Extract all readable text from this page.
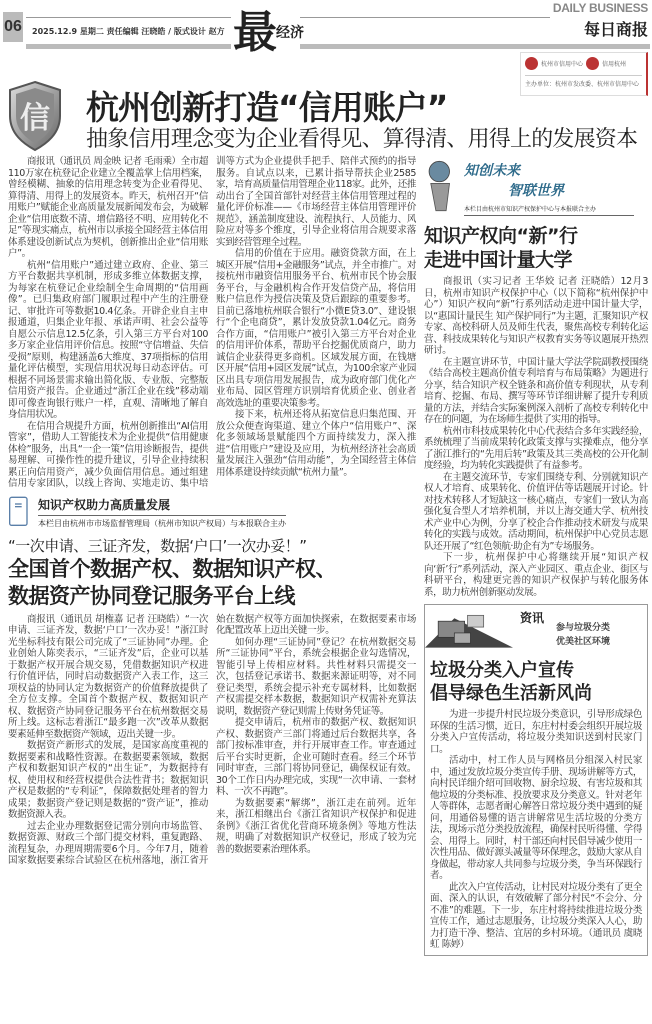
06 2025.12.9 星期二 责任编辑 汪晓皓 / 版式设计 赵方 最 经济
DAILY BUSINESS
每日商报
杭州市信用中心	信用杭州
主办单位：杭州市发改委、杭州市信用中心
信 杭州创新打造“信用账户”
抽象信用理念变为企业看得见、算得清、用得上的发展资本

商报讯（通讯员 周金映 记者 毛雨乘）全市超110万家在杭登记企业建立全覆盖掌上信用档案，曾经模糊、抽象的信用理念转变为企业看得见、算得清、用得上的发展资本。昨天，杭州召开“信用账户”赋能企业高质量发展新闻发布会，为破解企业“信用底数不清、增信路径不明、应用转化不足”等现实痛点，杭州市以承接全国经营主体信用体系建设创新试点为契机，创新推出企业“信用账户”。

杭州“信用账户”通过建立政府、企业、第三方平台数据共享机制，形成多维立体数据支撑，为每家在杭登记企业绘制全生命周期的“信用画像”。已归集政府部门履职过程中产生的注册登记、审批许可等数据10.4亿条。开辟企业自主申报通道，归集企业年报、承诺声明、社会公益等自愿公示信息12.5亿条，引入第三方平台对100多万家企业信用评价信息。按照“守信增益、失信受损”原则，构建涵盖6大维度、37项指标的信用量化评估模型，实现信用状况每日动态评估。可根据不同场景需求输出简化版、专业版、完整版信用资产报告。企业通过“浙江企业在线”移动端即可像查询银行账户一样，直观、清晰地了解自身信用状况。

在信用合规提升方面，杭州创新推出“AI信用管家”，借助人工智能技术为企业提供“信用健康体检”服务，出具“一企一策”信用诊断报告，提供易理解、可操作性的提升建议，引导企业持续积累正向信用资产，减少负面信用信息。通过组建信用专家团队，以线上咨询、实地走访、集中培训等方式为企业提供手把手、陪伴式预约的指导服务。自试点以来，已累计指导帮扶企业2585家，培育高质量信用管理企业118家。此外，还推动出台了全国首部针对经营主体信用管理过程的量化评价标准——《市场经营主体信用管理评价规范》，涵盖制度建设、流程执行、人员能力、风险应对等多个维度，引导企业将信用合规要求落实到经营管理全过程。

信用的价值在于应用。融资贷款方面，在上城区开展“信用+金融服务”试点，并全市推广。对接杭州市融资信用服务平台、杭州市民个协会服务平台，与金融机构合作开发信贷产品，将信用账户信息作为授信决策及贷后跟踪的重要参考。目前已落地杭州联合银行“小微E贷3.0”、建设银行“个企电商贷”，累计发放贷款1.04亿元。商务合作方面，“信用账户”被引入第三方平台对企业的信用评价体系，帮助平台挖掘优质商户，助力诚信企业获得更多商机。区域发展方面，在钱塘区开展“信用+园区发展”试点，为100余家产业园区出具专项信用发展报告，成为政府部门优化产业布局、园区管理方识别培育优质企业、创业者高效选址的重要决策参考。

接下来，杭州还将从拓宽信息归集范围、开放公众便查询渠道、建立个体户“信用账户”、深化多领域场景赋能四个方面持续发力，深入推进“信用账户”建设及应用，为杭州经济社会高质量发展注入强劲“信用动能”，为全国经营主体信用体系建设持续贡献“杭州力量”。

知识产权助力高质量发展
本栏目由杭州市市场监督管理局（杭州市知识产权局）与本报联合主办
“一次申请、三证齐发，数据‘户口’一次办妥！”
全国首个数据产权、数据知识产权、
数据资产协同登记服务平台上线

商报讯（通讯员 胡権嘉 记者 汪晓皓）“一次申请、三证齐发，数据‘户口’一次办妥！”浙江时光坐标科技有限公司完成了“三证协同”办理。企业创始人陈奕表示，“三证齐发”后，企业可以基于数据产权开展合规交易，凭借数据知识产权进行价值评估，同时启动数据资产入表工作，这三项权益的协同认定为数据资产的价值释放提供了全方位支撑。全国首个数据产权、数据知识产权、数据资产协同登记服务平台在杭州数据交易所上线。这标志着浙江“最多跑一次”改革从数据要素延伸至数据资产领域，迈出关键一步。

数据资产新形式的发展，是国家高度重视的数据要素和战略性资源。在数据要素领域，数据产权和数据知识产权的“出生证”，为数据持有权、使用权和经营权提供合法性背书；数据知识产权是数据的“专利证”，保障数据处理者的智力成果；数据资产登记则是数据的“资产证”，推动数据资源入表。

过去企业办理数据登记需分别向市场监管、数据资源、财政三个部门提交材料，重复跑路、流程复杂，办理周期需要6个月。今年7月，随着国家数据要素综合试验区在杭州落地，浙江省开始在数据产权等方面加快探索，在数据要素市场化配置改革上迈出关键一步。

如何办理“三证协同”登记？在杭州数据交易所“三证协同”平台，系统会根据企业勾选情况，智能引导上传相应材料。共性材料只需提交一次，包括登记承诺书、数据来源证明等，对不同登记类型，系统会提示补充专属材料，比如数据产权需提交样本数据，数据知识产权需补充算法说明，数据资产登记则需上传财务凭证等。

提交申请后，杭州市的数据产权、数据知识产权、数据资产三部门将通过后台数据共享，各部门按标准审查，并行开展审查工作。审查通过后平台实时更新，企业可随时查看。经三个环节同时审查，三部门将协同登记，确保权证有效。30个工作日内办理完成，实现“一次申请、一套材料、一次不再跑”。

为数据要素“解绑”，浙江走在前列。近年来，浙江相继出台《浙江省知识产权保护和促进条例》《浙江省优化营商环境条例》等地方性法规，明确了对数据知识产权登记，形成了较为完善的数据要素治理体系。

知创未来
智联世界
本栏目由杭州市知识产权保护中心与本报联合主办
知识产权向“新”行
走进中国计量大学

商报讯（实习记者 王华姣 记者 汪晓皓）12月3日，杭州市知识产权保护中心（以下简称“杭州保护中心”）知识产权向“新”行系列活动走进中国计量大学，以“惠国计量民生 知产保护同行”为主题，汇聚知识产权专家、高校科研人员及师生代表，聚焦高校专利转化运营、科技成果转化与知识产权教育实务等议题展开热烈研讨。

在主题宣讲环节，中国计量大学法学院副教授围绕《结合高校主题高价值专利培育与布局策略》为题进行分享，结合知识产权全链条和高价值专利现状，从专利培育、挖掘、布局、撰写等环节详细讲解了提升专利质量的方法，并结合实际案例深入剖析了高校专利转化中存在的问题，为在场师生提供了实用的指导。

杭州市科技成果转化中心代表结合多年实践经验，系统梳理了当前成果转化政策支撑与实操难点，他分享了浙江推行的“先用后转”政策及其三类高校的公开化制度经验，均为转化实践提供了有益参考。

在主题交流环节，专家们围绕专利、分别就知识产权人才培育、成果转化、价值评估等话题展开讨论。针对技术转移人才短缺这一核心痛点，专家们一致认为高强化复合型人才培养机制，并以上海交通大学、杭州技术产业中心为例，分享了校企合作推动技术研发与成果转化的实践与成效。活动期间，杭州保护中心党员志愿队还开展了“红色领航·助企有为”专场服务。

下一步，杭州保护中心将继续开展“知识产权向‘新’行”系列活动，深入产业园区、重点企业、街区与科研平台，构建更完善的知识产权保护与转化服务体系，助力杭州创新驱动发展。

资讯
参与垃圾分类
优美社区环境
垃圾分类入户宣传
倡导绿色生活新风尚

为进一步提升村民垃圾分类意识，引导形成绿色环保的生活习惯，近日，东庄村村委会组织开展垃圾分类入户宣传活动，将垃圾分类知识送到村民家门口。

活动中，村工作人员与网格员分组深入村民家中，通过发放垃圾分类宣传手册、现场讲解等方式，向村民详细介绍可回收物、厨余垃圾、有害垃圾和其他垃圾的分类标准、投放要求及分类意义。针对老年人等群体，志愿者耐心解答日常垃圾分类中遇到的疑问，用通俗易懂的语言讲解常见生活垃圾的分类方法，现场示范分类投放流程，确保村民听得懂、学得会、用得上。同时，村干部还向村民倡导减少使用一次性用品、做好源头减量等环保理念，鼓励大家从自身做起，带动家人共同参与垃圾分类，争当环保践行者。

此次入户宣传活动，让村民对垃圾分类有了更全面、深入的认识，有效破解了部分村民“不会分、分不准”的难题。下一步，东庄村将持续推进垃圾分类宣传工作，通过志愿服务，让垃圾分类深入人心，助力打造干净、整洁、宜居的乡村环境。（通讯员 虞晓虹 陈婷）
